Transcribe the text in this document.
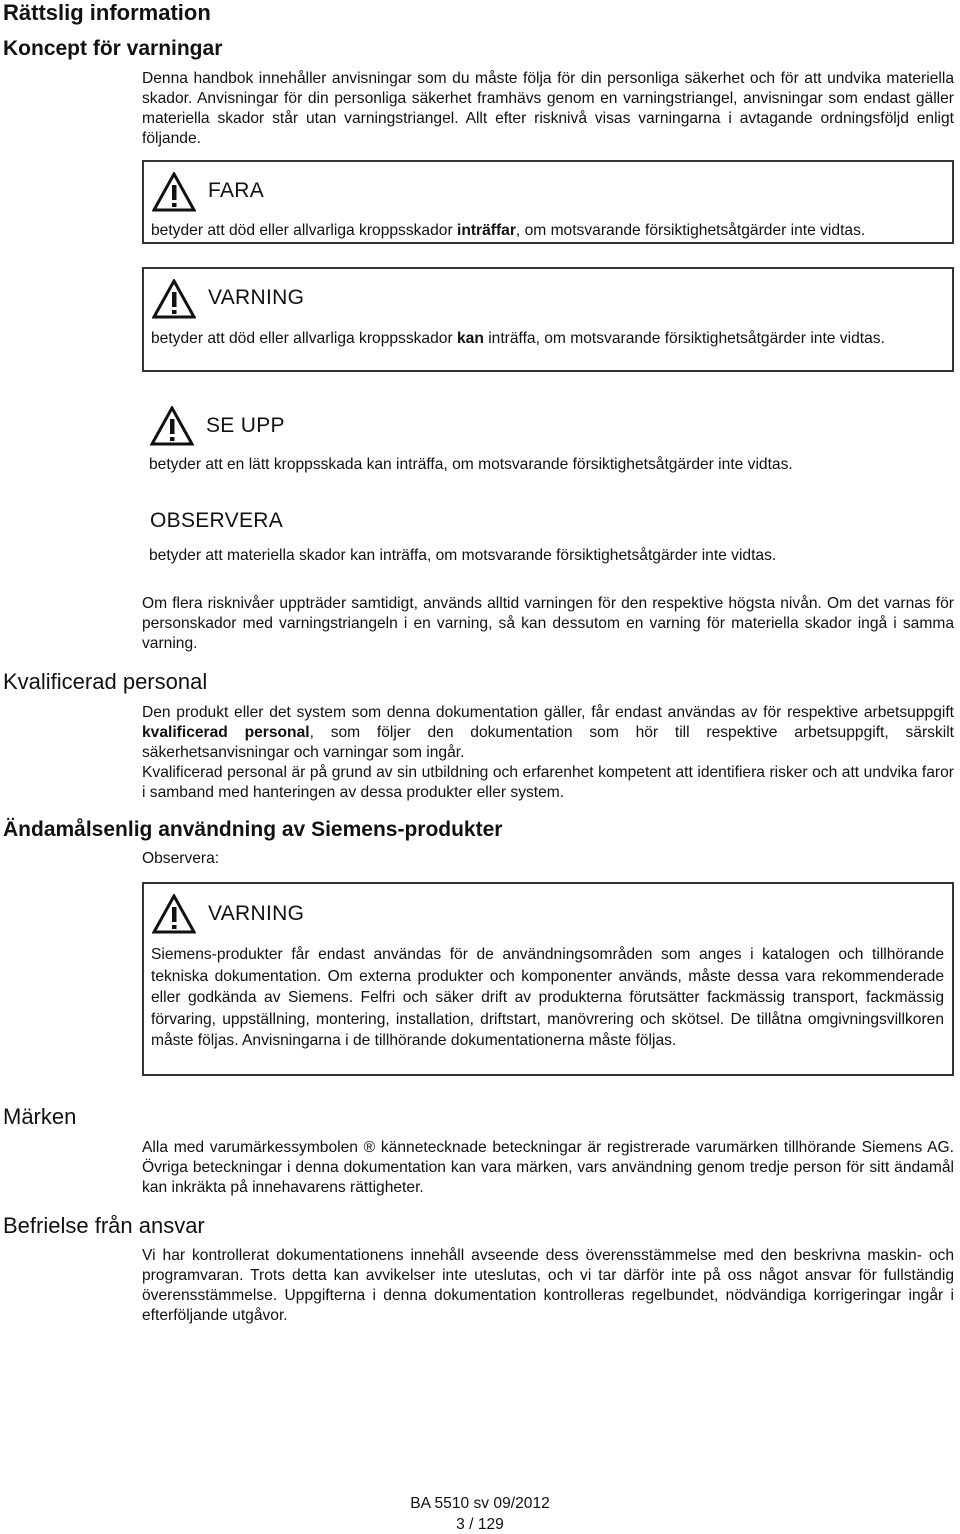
Rättslig information
Koncept för varningar

Denna handbok innehåller anvisningar som du måste följa för din personliga säkerhet och för att undvika materiella skador. Anvisningar för din personliga säkerhet framhävs genom en varningstriangel, anvisningar som endast gäller materiella skador står utan varningstriangel. Allt efter risknivå visas varningarna i avtagande ordningsföljd enligt följande.

FARA
betyder att död eller allvarliga kroppsskador inträffar, om motsvarande försiktighetsåtgärder inte vidtas.
VARNING
betyder att död eller allvarliga kroppsskador kan inträffa, om motsvarande försiktighetsåtgärder inte vidtas.
SE UPP
betyder att en lätt kroppsskada kan inträffa, om motsvarande försiktighetsåtgärder inte vidtas.
OBSERVERA
betyder att materiella skador kan inträffa, om motsvarande försiktighetsåtgärder inte vidtas.

Om flera risknivåer uppträder samtidigt, används alltid varningen för den respektive högsta nivån. Om det varnas för personskador med varningstriangeln i en varning, så kan dessutom en varning för materiella skador ingå i samma varning.

Kvalificerad personal

Den produkt eller det system som denna dokumentation gäller, får endast användas av för respektive arbetsuppgift kvalificerad personal, som följer den dokumentation som hör till respektive arbetsuppgift, särskilt säkerhetsanvisningar och varningar som ingår.

Kvalificerad personal är på grund av sin utbildning och erfarenhet kompetent att identifiera risker och att undvika faror i samband med hanteringen av dessa produkter eller system.

Ändamålsenlig användning av Siemens-produkter
Observera:
VARNING
Siemens-produkter får endast användas för de användningsområden som anges i katalogen och tillhörande tekniska dokumentation. Om externa produkter och komponenter används, måste dessa vara rekommenderade eller godkända av Siemens. Felfri och säker drift av produkterna förutsätter fackmässig transport, fackmässig förvaring, uppställning, montering, installation, driftstart, manövrering och skötsel. De tillåtna omgivningsvillkoren måste följas. Anvisningarna i de tillhörande dokumentationerna måste följas.
Märken

Alla med varumärkessymbolen ® kännetecknade beteckningar är registrerade varumärken tillhörande Siemens AG. Övriga beteckningar i denna dokumentation kan vara märken, vars användning genom tredje person för sitt ändamål kan inkräkta på innehavarens rättigheter.

Befrielse från ansvar

Vi har kontrollerat dokumentationens innehåll avseende dess överensstämmelse med den beskrivna maskin- och programvaran. Trots detta kan avvikelser inte uteslutas, och vi tar därför inte på oss något ansvar för fullständig överensstämmelse. Uppgifterna i denna dokumentation kontrolleras regelbundet, nödvändiga korrigeringar ingår i efterföljande utgåvor.

BA 5510 sv 09/2012
3 / 129
